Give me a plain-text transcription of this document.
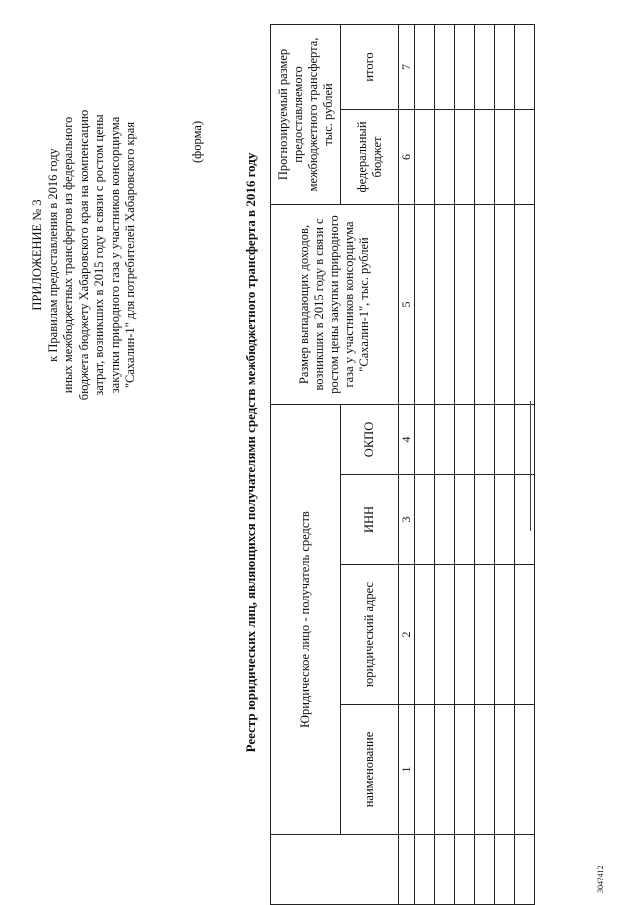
ПРИЛОЖЕНИЕ № 3 к Правилам предоставления в 2016 году иных межбюджетных трансфертов из федерального бюджета бюджету Хабаровского края на компенсацию затрат, возникших в 2015 году в связи с ростом цены закупки природного газа у участников консорциума "Сахалин-1" для потребителей Хабаровского края	(форма)
Реестр юридических лиц, являющихся получателями средств межбюджетного трансферта в 2016 году
		Юридическое лицо - получатель средств				Размер выпадающих доходов, возникших в 2015 году в связи с ростом цены закупки природного газа у участников консорциума "Сахалин-1", тыс. рублей	Прогнозируемый размер предоставляемого межбюджетного трансферта, тыс. рублей	
	наименование	юридический адрес	ИНН	ОКПО		федеральный бюджет	итого
	1	2	3	4	5	6	7

304?412
